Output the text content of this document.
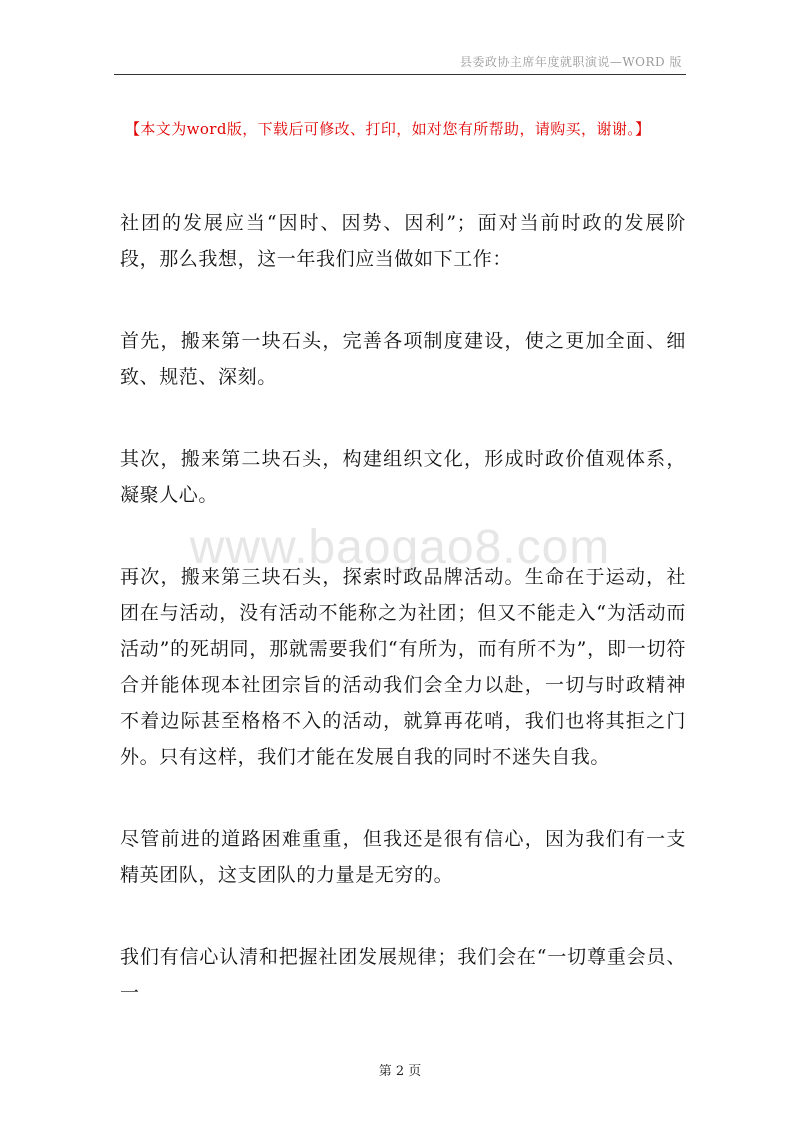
县委政协主席年度就职演说—WORD 版
【本文为word版，下载后可修改、打印，如对您有所帮助，请购买，谢谢。】
www.baogao8.com

社团的发展应当“因时、因势、因利”；面对当前时政的发展阶段，那么我想，这一年我们应当做如下工作：

首先，搬来第一块石头，完善各项制度建设，使之更加全面、细致、规范、深刻。

其次，搬来第二块石头，构建组织文化，形成时政价值观体系，凝聚人心。

再次，搬来第三块石头，探索时政品牌活动。生命在于运动，社团在与活动，没有活动不能称之为社团；但又不能走入“为活动而活动”的死胡同，那就需要我们“有所为，而有所不为”，即一切符合并能体现本社团宗旨的活动我们会全力以赴，一切与时政精神不着边际甚至格格不入的活动，就算再花哨，我们也将其拒之门外。只有这样，我们才能在发展自我的同时不迷失自我。

尽管前进的道路困难重重，但我还是很有信心，因为我们有一支精英团队，这支团队的力量是无穷的。

我们有信心认清和把握社团发展规律；我们会在“一切尊重会员、一

第 2 页
